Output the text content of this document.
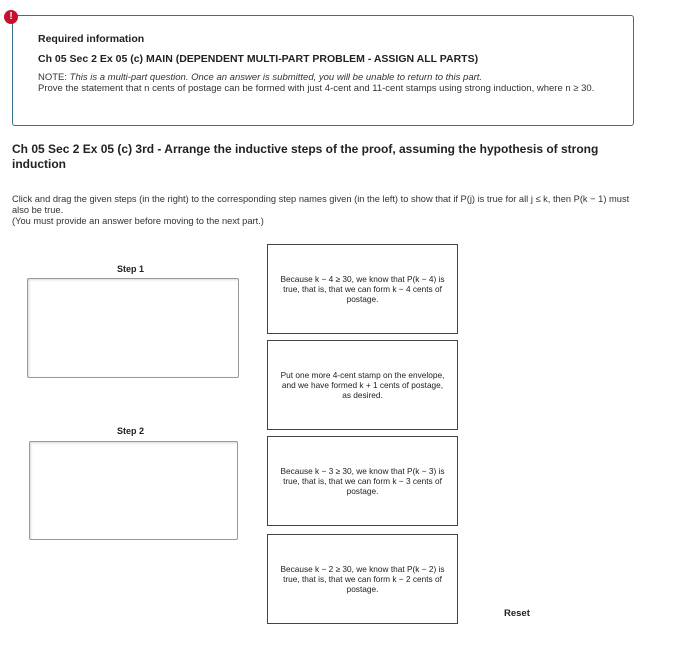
!
Required information
Ch 05 Sec 2 Ex 05 (c) MAIN (DEPENDENT MULTI-PART PROBLEM - ASSIGN ALL PARTS)
NOTE: This is a multi-part question. Once an answer is submitted, you will be unable to return to this part.
Prove the statement that n cents of postage can be formed with just 4-cent and 11-cent stamps using strong induction, where n ≥ 30.
Ch 05 Sec 2 Ex 05 (c) 3rd - Arrange the inductive steps of the proof, assuming the hypothesis of strong induction
Click and drag the given steps (in the right) to the corresponding step names given (in the left) to show that if P(j) is true for all j ≤ k, then P(k − 1) must also be true.
(You must provide an answer before moving to the next part.)
Step 1
Step 2
Because k − 4 ≥ 30, we know that P(k − 4) is true, that is, that we can form k − 4 cents of postage.
Put one more 4-cent stamp on the envelope, and we have formed k + 1 cents of postage, as desired.
Because k − 3 ≥ 30, we know that P(k − 3) is true, that is, that we can form k − 3 cents of postage.
Because k − 2 ≥ 30, we know that P(k − 2) is true, that is, that we can form k − 2 cents of postage.
Reset
